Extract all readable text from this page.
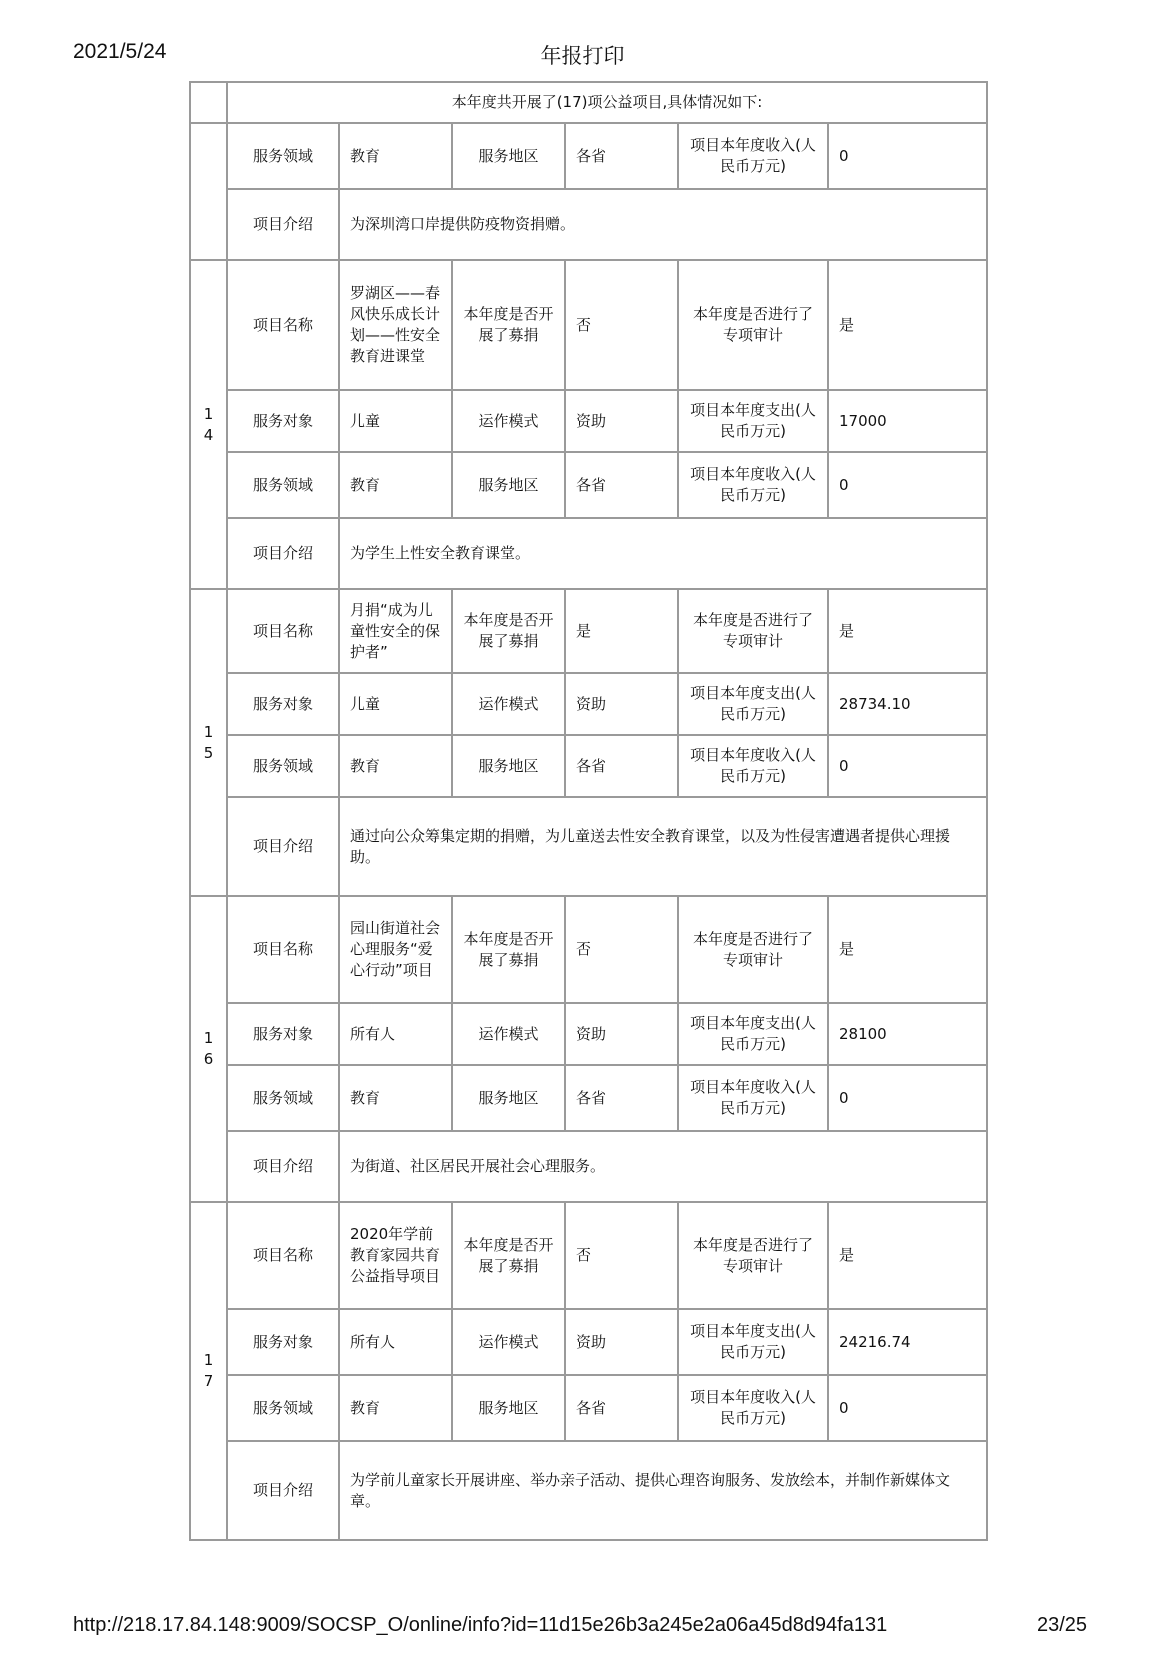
2021/5/24	年报打印
	本年度共开展了(17)项公益项目,具体情况如下:					
	服务领域	教育	服务地区	各省	项目本年度收入(人民币万元)	0
	项目介绍	为深圳湾口岸提供防疫物资捐赠。				

14	项目名称	罗湖区——春风快乐成长计划——性安全教育进课堂	本年度是否开展了募捐	否	本年度是否进行了专项审计	是
	服务对象	儿童	运作模式	资助	项目本年度支出(人民币万元)	17000
	服务领域	教育	服务地区	各省	项目本年度收入(人民币万元)	0
	项目介绍	为学生上性安全教育课堂。				

15	项目名称	月捐“成为儿童性安全的保护者”	本年度是否开展了募捐	是	本年度是否进行了专项审计	是
	服务对象	儿童	运作模式	资助	项目本年度支出(人民币万元)	28734.10
	服务领域	教育	服务地区	各省	项目本年度收入(人民币万元)	0
	项目介绍	通过向公众筹集定期的捐赠，为儿童送去性安全教育课堂，以及为性侵害遭遇者提供心理援助。				

16	项目名称	园山街道社会心理服务“爱心行动”项目	本年度是否开展了募捐	否	本年度是否进行了专项审计	是
	服务对象	所有人	运作模式	资助	项目本年度支出(人民币万元)	28100
	服务领域	教育	服务地区	各省	项目本年度收入(人民币万元)	0
	项目介绍	为街道、社区居民开展社会心理服务。				

17	项目名称	2020年学前教育家园共育公益指导项目	本年度是否开展了募捐	否	本年度是否进行了专项审计	是
	服务对象	所有人	运作模式	资助	项目本年度支出(人民币万元)	24216.74
	服务领域	教育	服务地区	各省	项目本年度收入(人民币万元)	0
	项目介绍	为学前儿童家长开展讲座、举办亲子活动、提供心理咨询服务、发放绘本，并制作新媒体文章。				
http://218.17.84.148:9009/SOCSP_O/online/info?id=11d15e26b3a245e2a06a45d8d94fa131	23/25
